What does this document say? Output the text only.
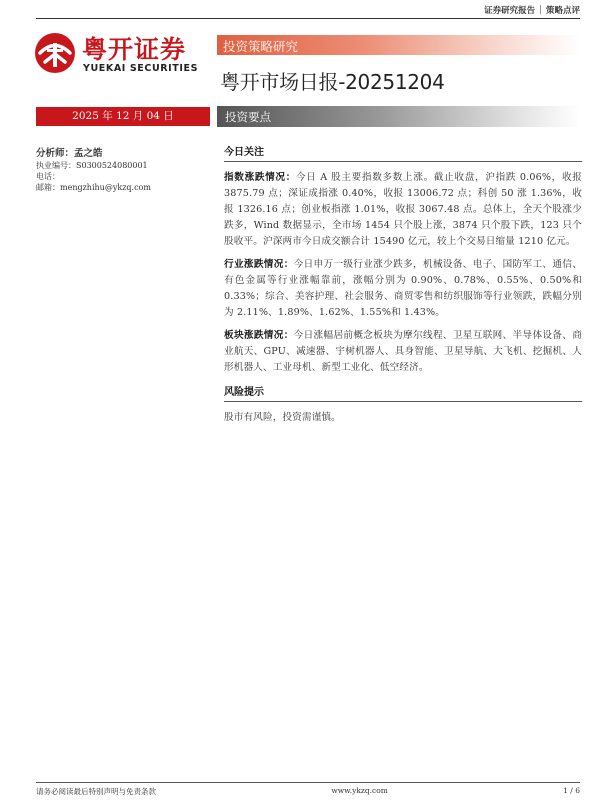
证券研究报告 | 策略点评
粤开证券
YUEKAI SECURITIES
投资策略研究
粤开市场日报-20251204
2025 年 12 月 04 日	投资要点
分析师：孟之皓
执业编号：S0300524080001
电话：
邮箱：mengzhihu@ykzq.com
今日关注

指数涨跌情况：今日 A 股主要指数多数上涨。截止收盘，沪指跌 0.06%，收报 3875.79 点；深证成指涨 0.40%，收报 13006.72 点；科创 50 涨 1.36%，收报 1326.16 点；创业板指涨 1.01%，收报 3067.48 点。总体上，全天个股涨少跌多，Wind 数据显示，全市场 1454 只个股上涨，3874 只个股下跌，123 只个股收平。沪深两市今日成交额合计 15490 亿元，较上个交易日缩量 1210 亿元。

行业涨跌情况：今日申万一级行业涨少跌多，机械设备、电子、国防军工、通信、有色金属等行业涨幅靠前，涨幅分别为 0.90%、0.78%、0.55%、0.50%和 0.33%；综合、美容护理、社会服务、商贸零售和纺织服饰等行业领跌，跌幅分别为 2.11%、1.89%、1.62%、1.55%和 1.43%。

板块涨跌情况：今日涨幅居前概念板块为摩尔线程、卫星互联网、半导体设备、商业航天、GPU、减速器、宇树机器人、具身智能、卫星导航、大飞机、挖掘机、人形机器人、工业母机、新型工业化、低空经济。

风险提示

股市有风险，投资需谨慎。

请务必阅读最后特别声明与免责条款	www.ykzq.com	1 / 6
